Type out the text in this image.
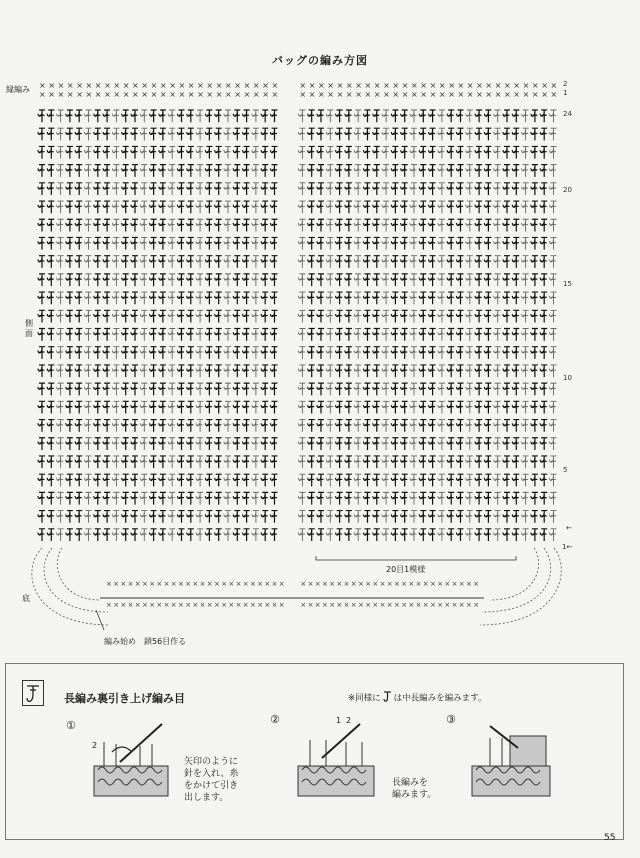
バッグの編み方図
× × × × × × × × × × × × × × × × × × × × × × × × × ×	× × × × × × × × × × × × × × × × × × × × × × × × × × × ×
× × × × × × × × × × × × × × × × × × × × × × × × × ×	× × × × × × × × × × × × × × × × × × × × × × × × × × × ×
×
×
×
×
×
×
×
×
×
×
×
×
×
×
×
×
×
×
×
×
×
×
×
×
×
×
×
×
×
×
×
×
×
×
×
×
×
×
×
×
×
×
×
×
×
×
×
×
×
×
×
×
×
×
×
×
×
×
×
×
×
×
×
×
×
×
×
×
×
×
×
×
×
×
×
×
×
×
×
×
×
×
×
×
×
×
×
×
×
×
×
×
×
×
×
×
×
×
×
×
縁編み
側
面
底
2
1
24
20
15
10
5
←
1←
20目1模様
編み始め　鎖56目作る
長編み裏引き上げ編み目	※同様に は中長編みを編みます。
①	②	③
矢印のように
針を入れ、糸
をかけて引き
出します。
長編みを
編みます。
2
1 2
55
